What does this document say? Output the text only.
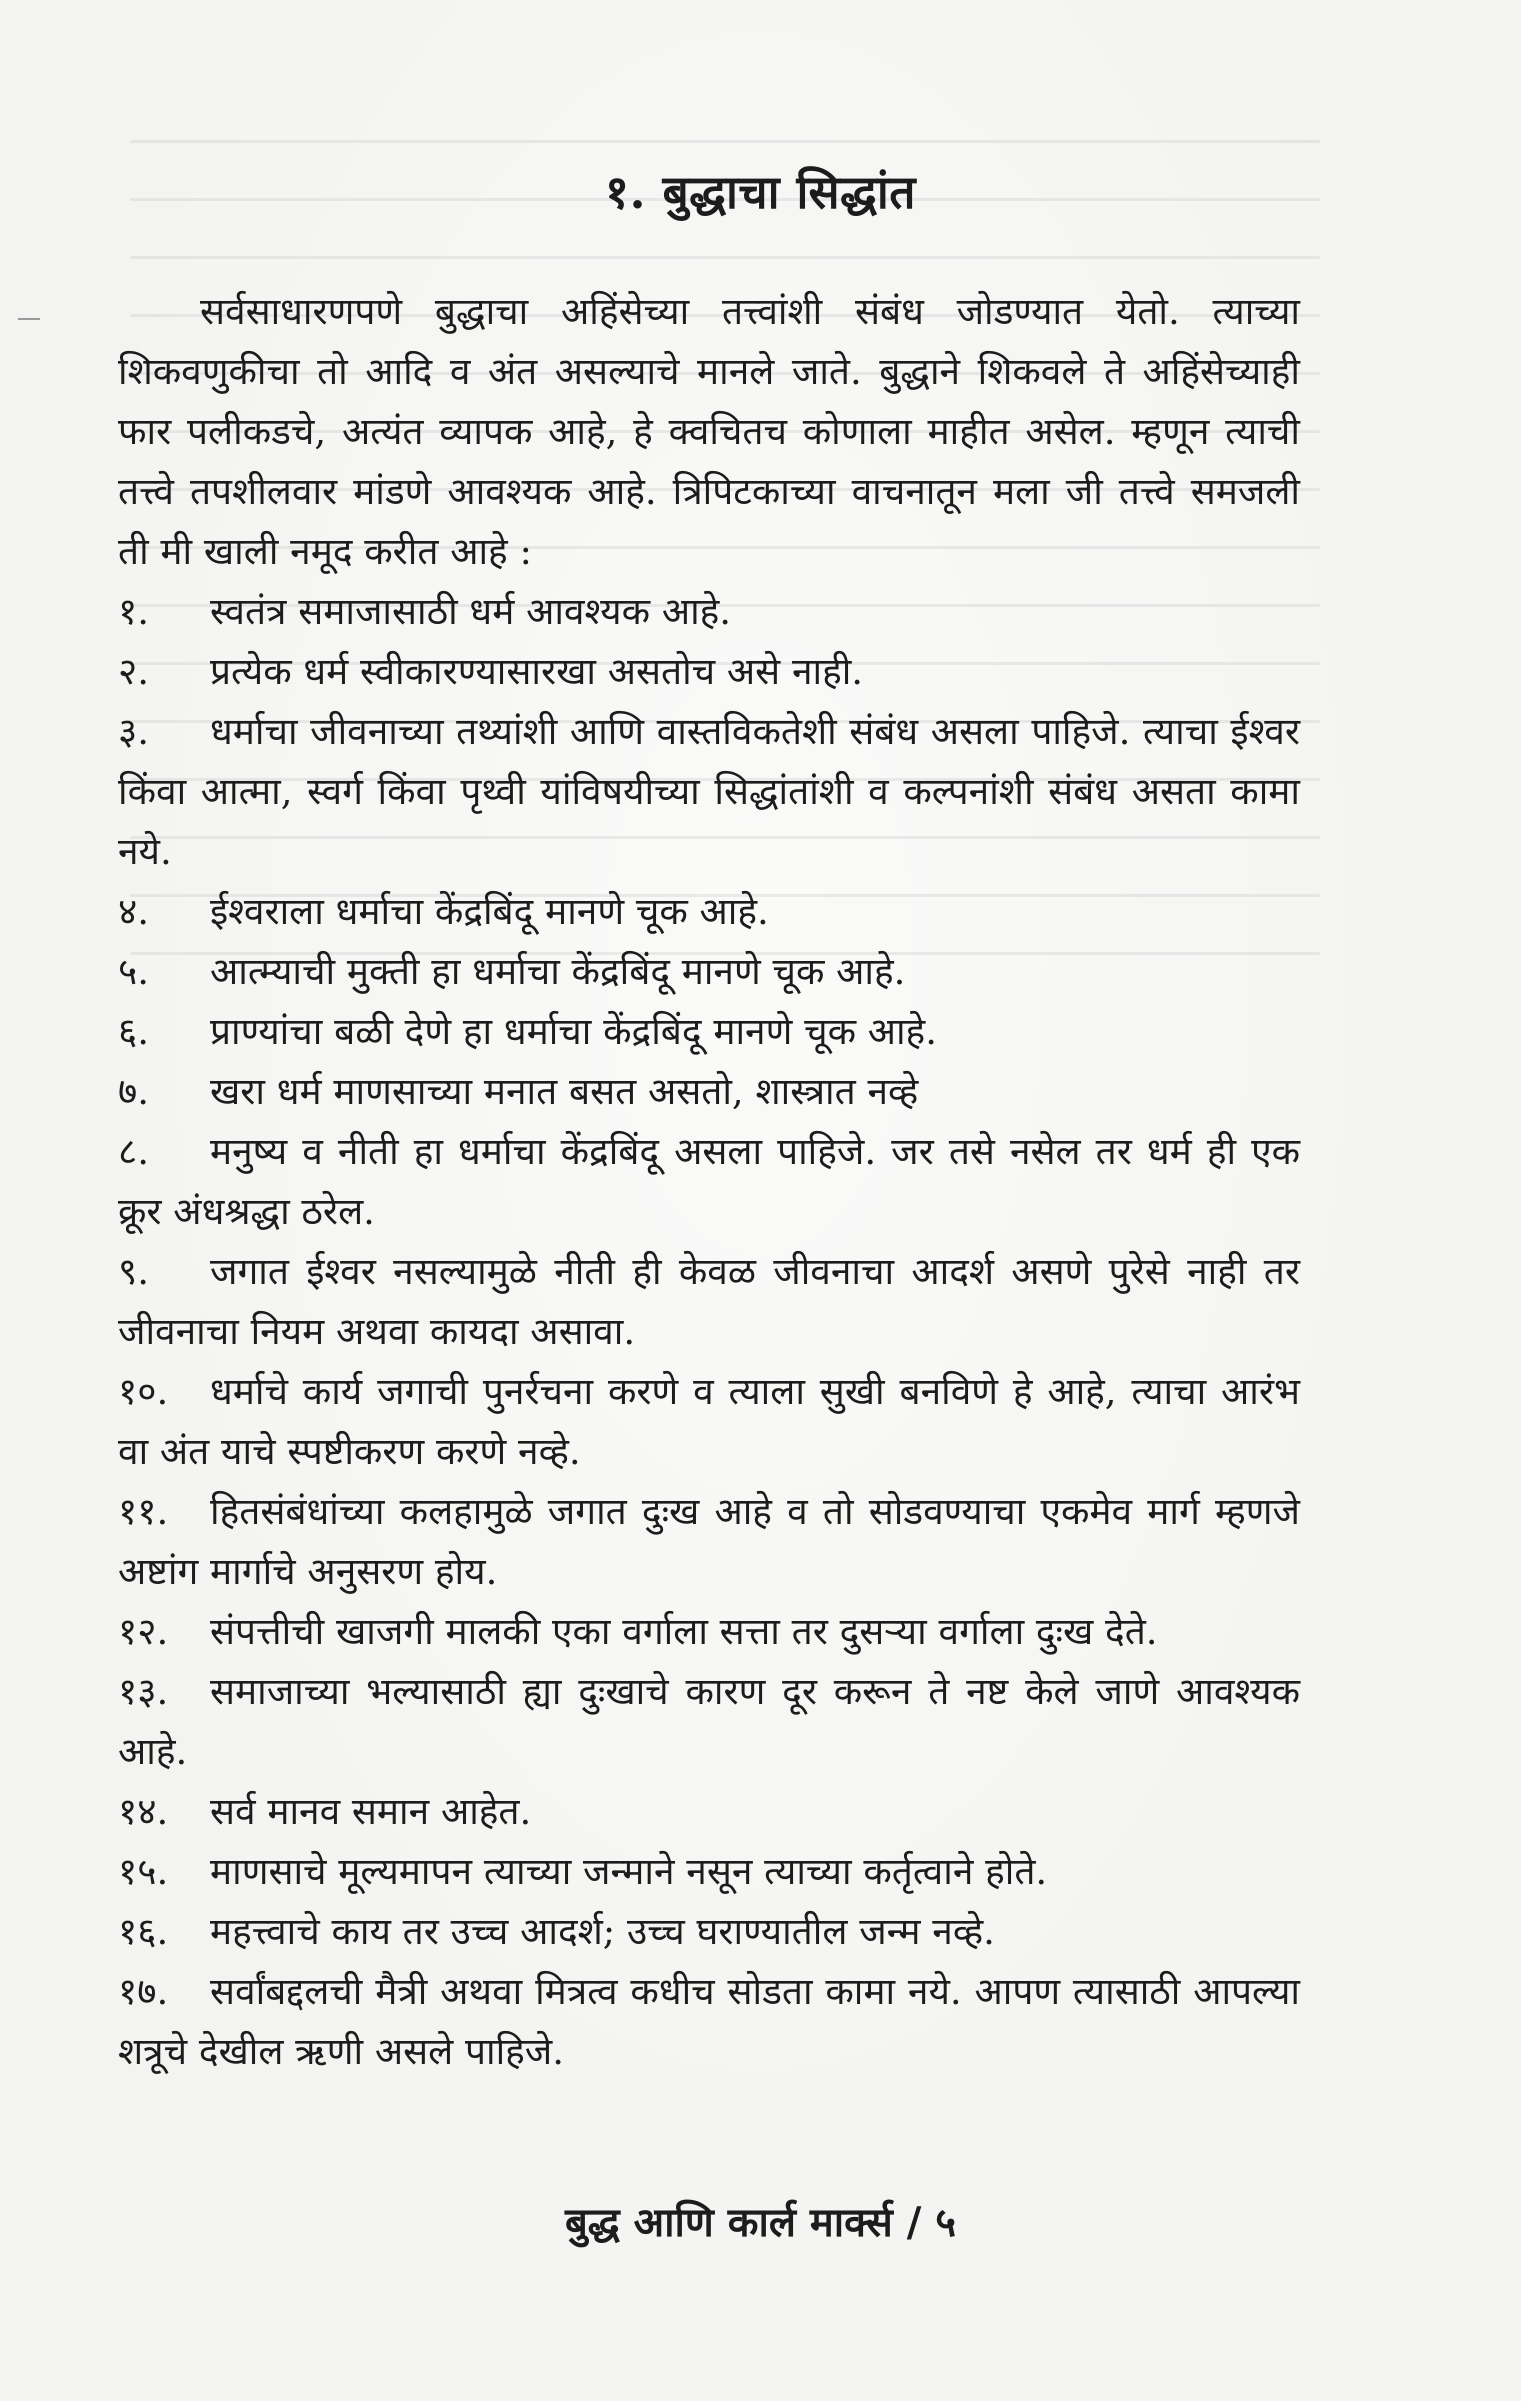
१. बुद्धाचा सिद्धांत

सर्वसाधारणपणे बुद्धाचा अहिंसेच्या तत्त्वांशी संबंध जोडण्यात येतो. त्याच्या शिकवणुकीचा तो आदि व अंत असल्याचे मानले जाते. बुद्धाने शिकवले ते अहिंसेच्याही फार पलीकडचे, अत्यंत व्यापक आहे, हे क्वचितच कोणाला माहीत असेल. म्हणून त्याची तत्त्वे तपशीलवार मांडणे आवश्यक आहे. त्रिपिटकाच्या वाचनातून मला जी तत्त्वे समजली ती मी खाली नमूद करीत आहे :

१. स्वतंत्र समाजासाठी धर्म आवश्यक आहे.

२. प्रत्येक धर्म स्वीकारण्यासारखा असतोच असे नाही.

३. धर्माचा जीवनाच्या तथ्यांशी आणि वास्तविकतेशी संबंध असला पाहिजे. त्याचा ईश्वर किंवा आत्मा, स्वर्ग किंवा पृथ्वी यांविषयीच्या सिद्धांतांशी व कल्पनांशी संबंध असता कामा नये.

४. ईश्वराला धर्माचा केंद्रबिंदू मानणे चूक आहे.

५. आत्म्याची मुक्ती हा धर्माचा केंद्रबिंदू मानणे चूक आहे.

६. प्राण्यांचा बळी देणे हा धर्माचा केंद्रबिंदू मानणे चूक आहे.

७. खरा धर्म माणसाच्या मनात बसत असतो, शास्त्रात नव्हे

८. मनुष्य व नीती हा धर्माचा केंद्रबिंदू असला पाहिजे. जर तसे नसेल तर धर्म ही एक क्रूर अंधश्रद्धा ठरेल.

९. जगात ईश्वर नसल्यामुळे नीती ही केवळ जीवनाचा आदर्श असणे पुरेसे नाही तर जीवनाचा नियम अथवा कायदा असावा.

१०. धर्माचे कार्य जगाची पुनर्रचना करणे व त्याला सुखी बनविणे हे आहे, त्याचा आरंभ वा अंत याचे स्पष्टीकरण करणे नव्हे.

११. हितसंबंधांच्या कलहामुळे जगात दुःख आहे व तो सोडवण्याचा एकमेव मार्ग म्हणजे अष्टांग मार्गाचे अनुसरण होय.

१२. संपत्तीची खाजगी मालकी एका वर्गाला सत्ता तर दुसऱ्या वर्गाला दुःख देते.

१३. समाजाच्या भल्यासाठी ह्या दुःखाचे कारण दूर करून ते नष्ट केले जाणे आवश्यक आहे.

१४. सर्व मानव समान आहेत.

१५. माणसाचे मूल्यमापन त्याच्या जन्माने नसून त्याच्या कर्तृत्वाने होते.

१६. महत्त्वाचे काय तर उच्च आदर्श; उच्च घराण्यातील जन्म नव्हे.

१७. सर्वांबद्दलची मैत्री अथवा मित्रत्व कधीच सोडता कामा नये. आपण त्यासाठी आपल्या शत्रूचे देखील ऋणी असले पाहिजे.

बुद्ध आणि कार्ल मार्क्स / ५
